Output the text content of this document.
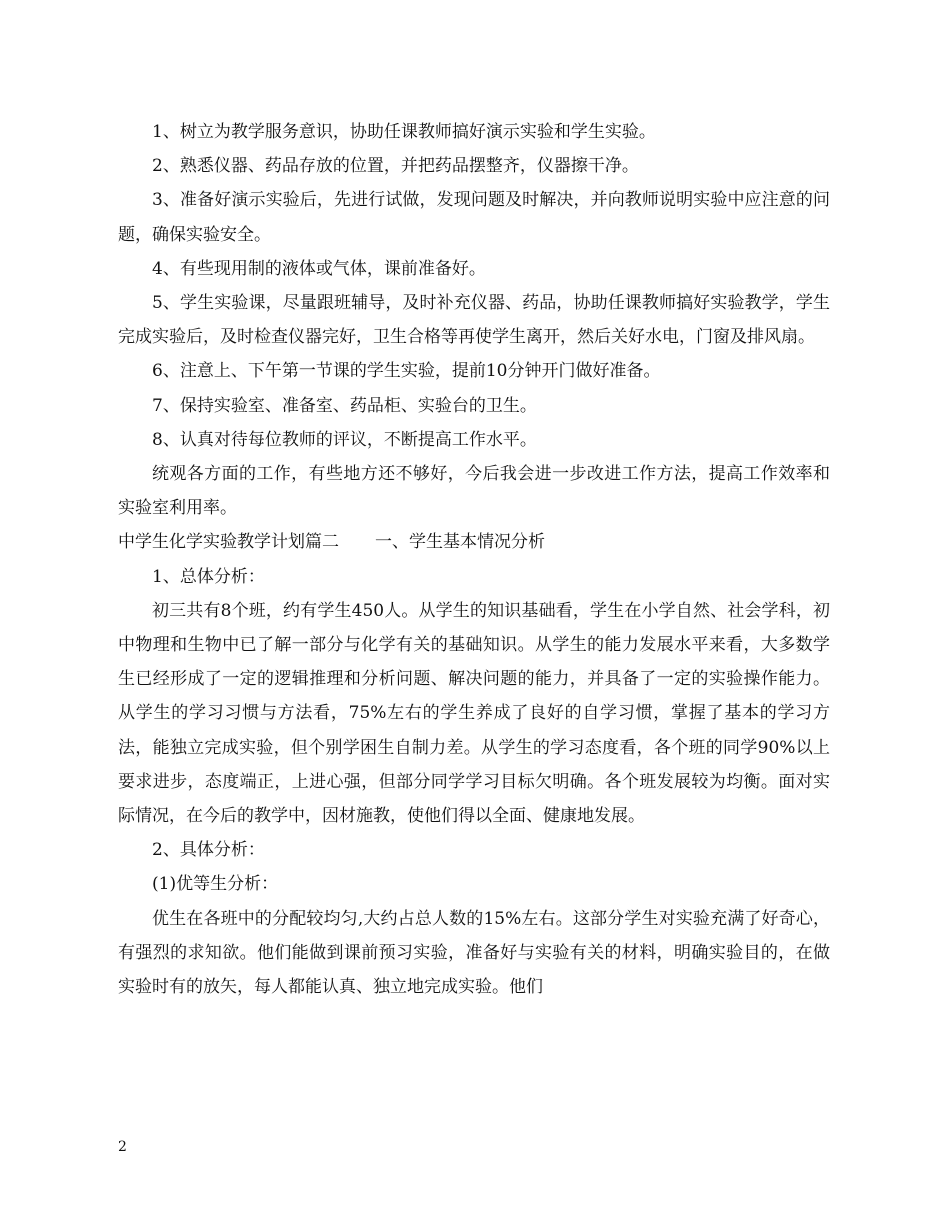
1、树立为教学服务意识，协助任课教师搞好演示实验和学生实验。

2、熟悉仪器、药品存放的位置，并把药品摆整齐，仪器擦干净。

3、准备好演示实验后，先进行试做，发现问题及时解决，并向教师说明实验中应注意的问题，确保实验安全。

4、有些现用制的液体或气体，课前准备好。

5、学生实验课，尽量跟班辅导，及时补充仪器、药品，协助任课教师搞好实验教学，学生完成实验后，及时检查仪器完好，卫生合格等再使学生离开，然后关好水电，门窗及排风扇。

6、注意上、下午第一节课的学生实验，提前10分钟开门做好准备。

7、保持实验室、准备室、药品柜、实验台的卫生。

8、认真对待每位教师的评议，不断提高工作水平。

统观各方面的工作，有些地方还不够好，今后我会进一步改进工作方法，提高工作效率和实验室利用率。

中学生化学实验教学计划篇二 一、学生基本情况分析

1、总体分析：

初三共有8个班，约有学生450人。从学生的知识基础看，学生在小学自然、社会学科，初中物理和生物中已了解一部分与化学有关的基础知识。从学生的能力发展水平来看，大多数学生已经形成了一定的逻辑推理和分析问题、解决问题的能力，并具备了一定的实验操作能力。从学生的学习习惯与方法看，75%左右的学生养成了良好的自学习惯，掌握了基本的学习方法，能独立完成实验，但个别学困生自制力差。从学生的学习态度看，各个班的同学90%以上要求进步，态度端正，上进心强，但部分同学学习目标欠明确。各个班发展较为均衡。面对实际情况，在今后的教学中，因材施教，使他们得以全面、健康地发展。

2、具体分析：

(1)优等生分析：

优生在各班中的分配较均匀,大约占总人数的15%左右。这部分学生对实验充满了好奇心，有强烈的求知欲。他们能做到课前预习实验，准备好与实验有关的材料，明确实验目的，在做实验时有的放矢，每人都能认真、独立地完成实验。他们

2
